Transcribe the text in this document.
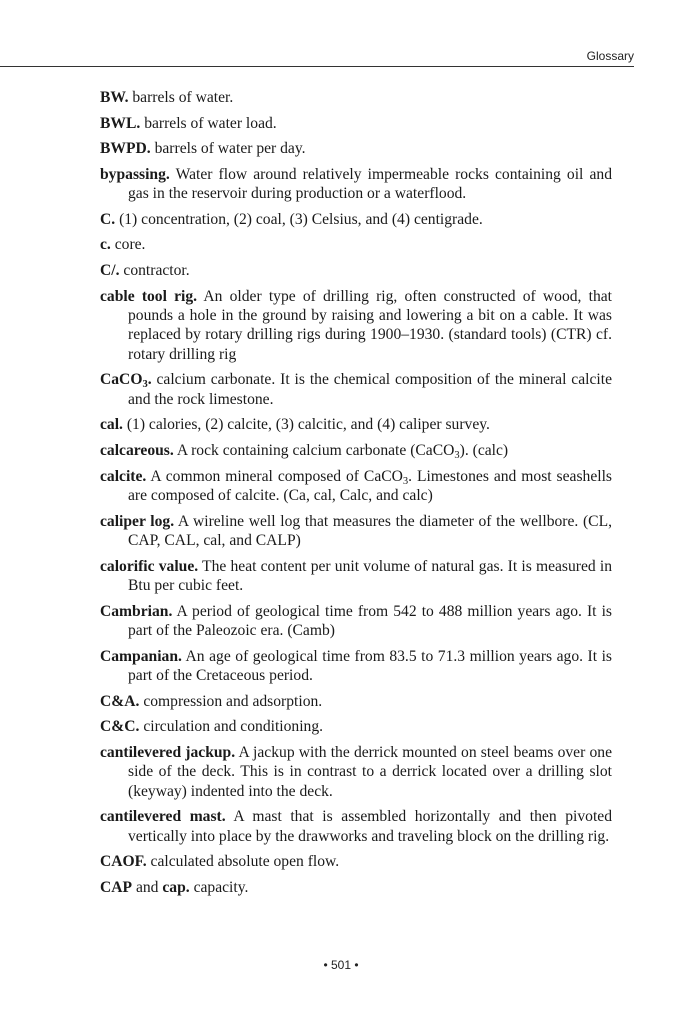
Glossary

BW. barrels of water.

BWL. barrels of water load.

BWPD. barrels of water per day.

bypassing. Water flow around relatively impermeable rocks containing oil and gas in the reservoir during production or a waterflood.

C. (1) concentration, (2) coal, (3) Celsius, and (4) centigrade.

c. core.

C/. contractor.

cable tool rig. An older type of drilling rig, often constructed of wood, that pounds a hole in the ground by raising and lowering a bit on a cable. It was replaced by rotary drilling rigs during 1900–1930. (standard tools) (CTR) cf. rotary drilling rig

CaCO$_3$. calcium carbonate. It is the chemical composition of the mineral calcite and the rock limestone.

cal. (1) calories, (2) calcite, (3) calcitic, and (4) caliper survey.

calcareous. A rock containing calcium carbonate (CaCO$_3$). (calc)

calcite. A common mineral composed of CaCO$_3$. Limestones and most seashells are composed of calcite. (Ca, cal, Calc, and calc)

caliper log. A wireline well log that measures the diameter of the wellbore. (CL, CAP, CAL, cal, and CALP)

calorific value. The heat content per unit volume of natural gas. It is measured in Btu per cubic feet.

Cambrian. A period of geological time from 542 to 488 million years ago. It is part of the Paleozoic era. (Camb)

Campanian. An age of geological time from 83.5 to 71.3 million years ago. It is part of the Cretaceous period.

C&A. compression and adsorption.

C&C. circulation and conditioning.

cantilevered jackup. A jackup with the derrick mounted on steel beams over one side of the deck. This is in contrast to a derrick located over a drilling slot (keyway) indented into the deck.

cantilevered mast. A mast that is assembled horizontally and then pivoted vertically into place by the drawworks and traveling block on the drilling rig.

CAOF. calculated absolute open flow.

CAP and cap. capacity.

• 501 •
